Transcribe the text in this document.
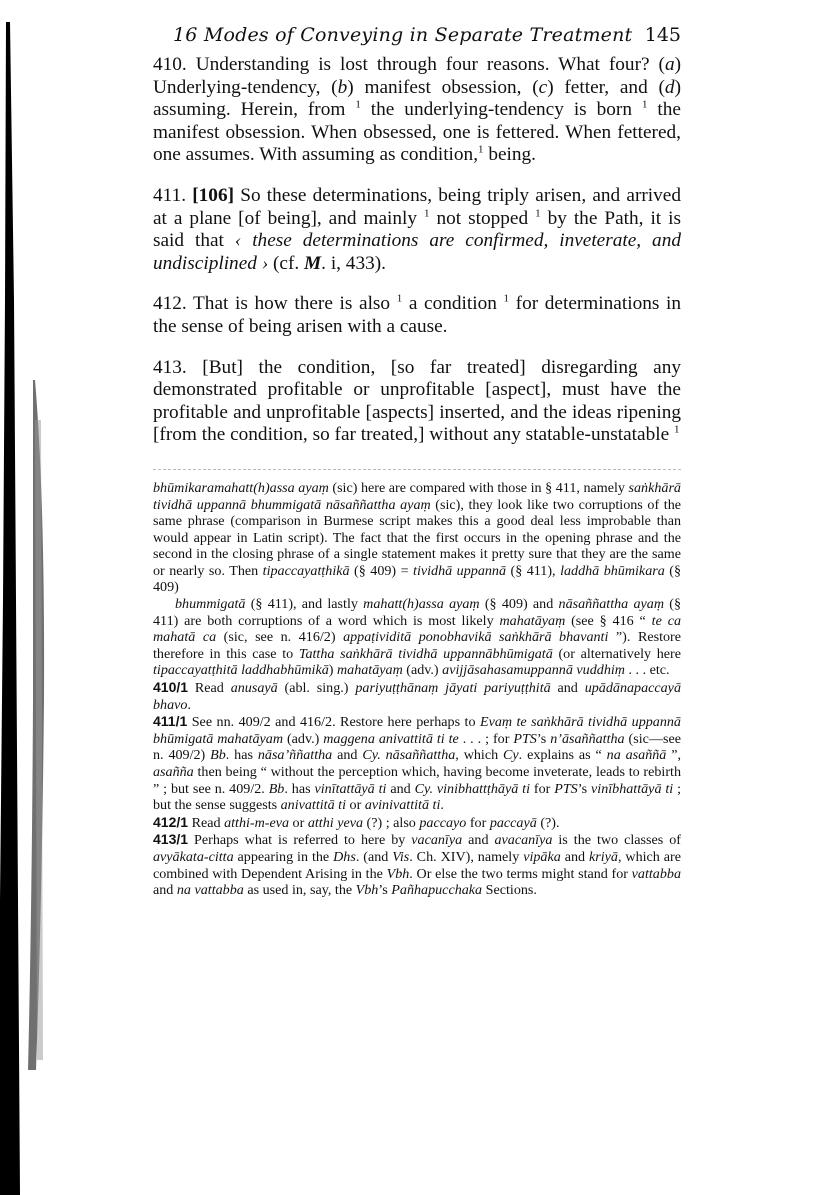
16 Modes of Conveying in Separate Treatment 145

410. Understanding is lost through four reasons. What four? (a) Underlying-tendency, (b) manifest obsession, (c) fetter, and (d) assuming. Herein, from $^1$ the underlying-tendency is born $^1$ the manifest obsession. When obsessed, one is fettered. When fettered, one assumes. With assuming as condition,$^1$ being.

411. [106] So these determinations, being triply arisen, and arrived at a plane [of being], and mainly $^1$ not stopped $^1$ by the Path, it is said that ‹ these determinations are confirmed, inveterate, and undisciplined › (cf. M. i, 433).

412. That is how there is also $^1$ a condition $^1$ for determinations in the sense of being arisen with a cause.

413. [But] the condition, [so far treated] disregarding any demonstrated profitable or unprofitable [aspect], must have the profitable and unprofitable [aspects] inserted, and the ideas ripening [from the condition, so far treated,] without any statable-unstatable $^1$

bhūmikaramahatt(h)assa ayaṃ (sic) here are compared with those in § 411, namely saṅkhārā tividhā uppannā bhummigatā nāsaññattha ayaṃ (sic), they look like two corruptions of the same phrase (comparison in Burmese script makes this a good deal less improbable than would appear in Latin script). The fact that the first occurs in the opening phrase and the second in the closing phrase of a single statement makes it pretty sure that they are the same or nearly so. Then tipaccayatṭhikā (§ 409) = tividhā uppannā (§ 411), laddhā bhūmikara (§ 409)

bhummigatā (§ 411), and lastly mahatt(h)assa ayaṃ (§ 409) and nāsaññattha ayaṃ (§ 411) are both corruptions of a word which is most likely mahatāyaṃ (see § 416 “ te ca mahatā ca (sic, see n. 416/2) appaṭividitā ponobhavikā saṅkhārā bhavanti ”). Restore therefore in this case to Tattha saṅkhārā tividhā uppannābhūmigatā (or alternatively here tipaccayatṭhitā laddhabhūmikā) mahatāyaṃ (adv.) avijjāsahasamuppannā vuddhiṃ . . . etc.

410/1 Read anusayā (abl. sing.) pariyuṭṭhānaṃ jāyati pariyuṭṭhitā and upādānapaccayā bhavo.

411/1 See nn. 409/2 and 416/2. Restore here perhaps to Evaṃ te saṅkhārā tividhā uppannā bhūmigatā mahatāyam (adv.) maggena anivattitā ti te . . . ; for PTS’s n’āsaññattha (sic—see n. 409/2) Bb. has nāsa’ññattha and Cy. nāsaññattha, which Cy. explains as “ na asaññā ”, asañña then being “ without the perception which, having become inveterate, leads to rebirth ” ; but see n. 409/2. Bb. has vinītattāyā ti and Cy. vinibhattṭhāyā ti for PTS’s vinībhattāyā ti ; but the sense suggests anivattitā ti or avinivattitā ti.

412/1 Read atthi-m-eva or atthi yeva (?) ; also paccayo for paccayā (?).

413/1 Perhaps what is referred to here by vacanīya and avacanīya is the two classes of avyākata-citta appearing in the Dhs. (and Vis. Ch. XIV), namely vipāka and kriyā, which are combined with Dependent Arising in the Vbh. Or else the two terms might stand for vattabba and na vattabba as used in, say, the Vbh’s Pañhapucchaka Sections.
